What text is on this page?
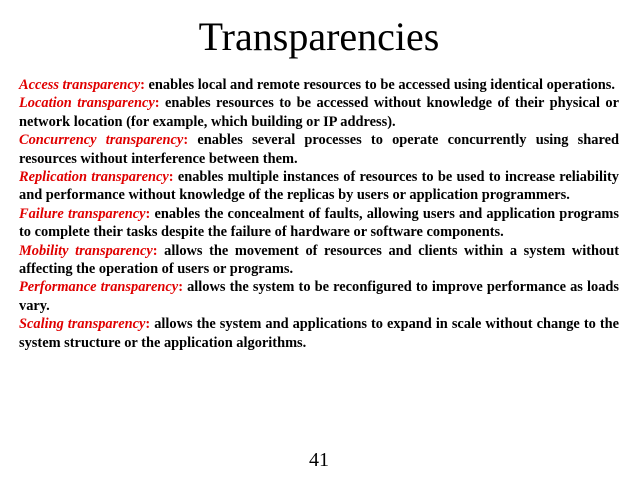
Transparencies

Access transparency: enables local and remote resources to be accessed using identical operations.

Location transparency: enables resources to be accessed without knowledge of their physical or network location (for example, which building or IP address).

Concurrency transparency: enables several processes to operate concurrently using shared resources without interference between them.

Replication transparency: enables multiple instances of resources to be used to increase reliability and performance without knowledge of the replicas by users or application programmers.

Failure transparency: enables the concealment of faults, allowing users and application programs to complete their tasks despite the failure of hardware or software components.

Mobility transparency: allows the movement of resources and clients within a system without affecting the operation of users or programs.

Performance transparency: allows the system to be reconfigured to improve performance as loads vary.

Scaling transparency: allows the system and applications to expand in scale without change to the system structure or the application algorithms.

41
